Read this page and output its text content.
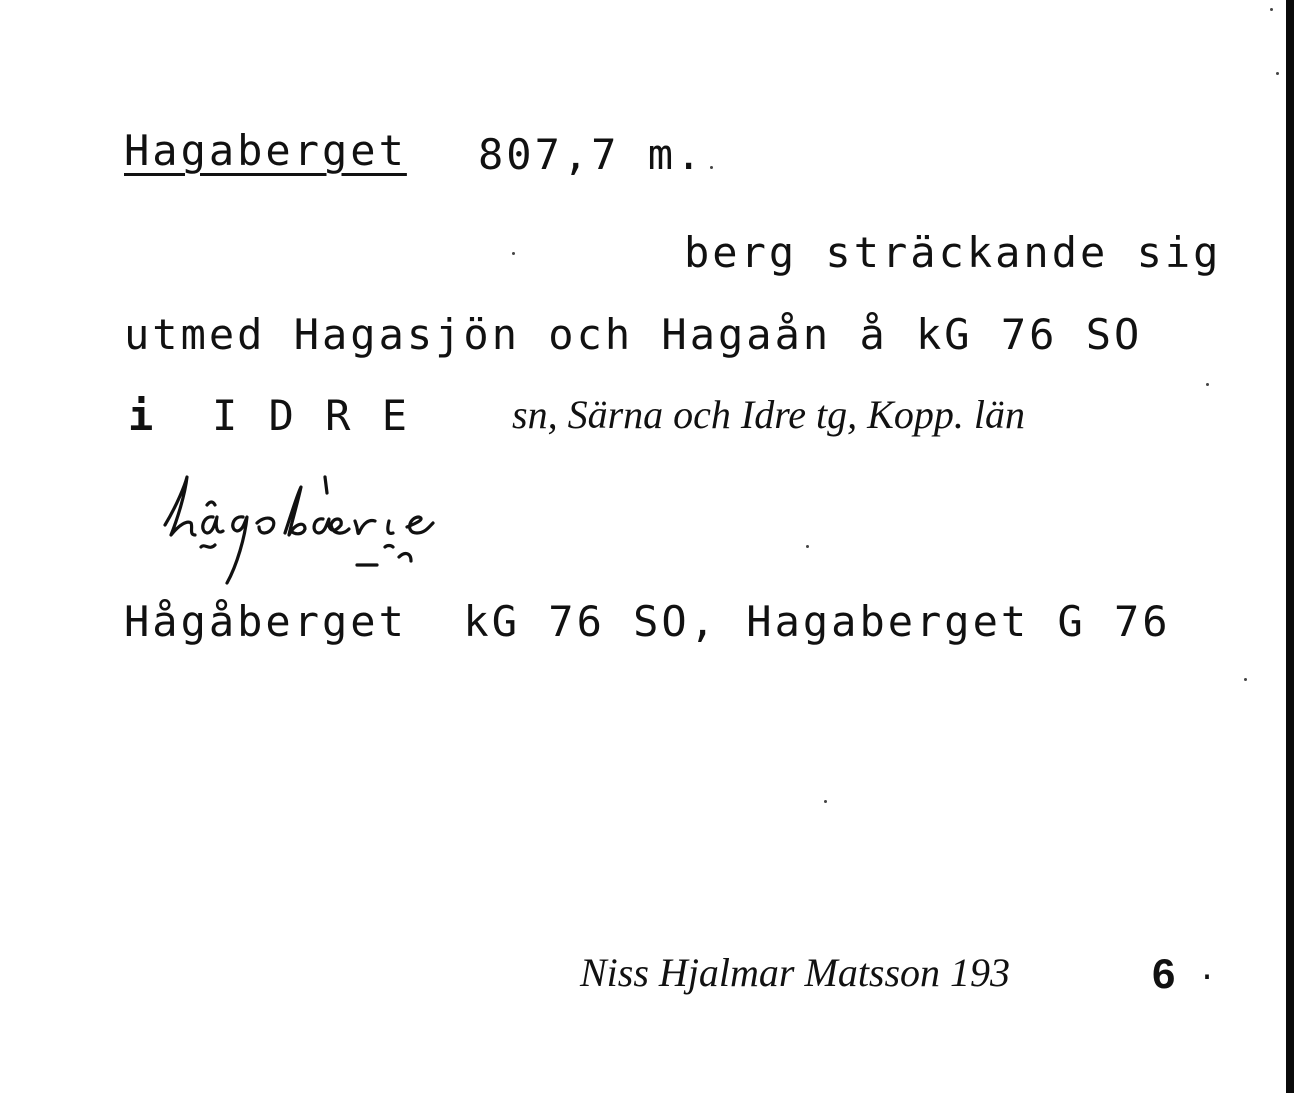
Hagaberget 807,7 m.
berg sträckande sig
utmed Hagasjön och Hagaån å kG 76 SO
i I D R E	sn, Särna och Idre tg, Kopp. län
Hågåberget  kG 76 SO, Hagaberget G 76
Niss Hjalmar Matsson 193	6 .
